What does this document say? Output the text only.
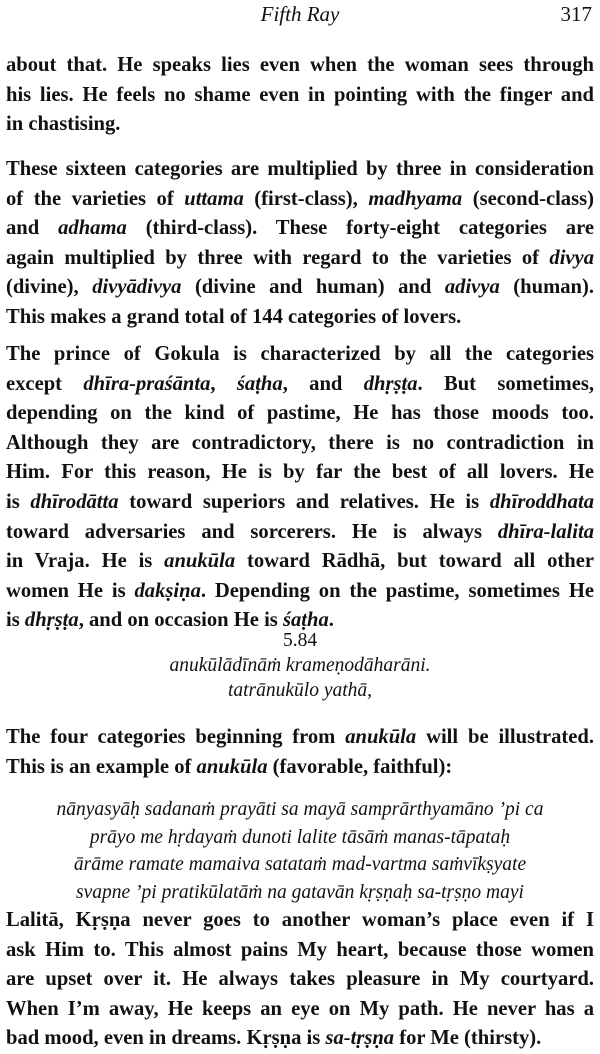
Fifth Ray	317
about that. He speaks lies even when the woman sees through
his lies. He feels no shame even in pointing with the finger and
in chastising.
These sixteen categories are multiplied by three in consideration
of the varieties of uttama (first-class), madhyama (second-class)
and adhama (third-class). These forty-eight categories are
again multiplied by three with regard to the varieties of divya
(divine), divyādivya (divine and human) and adivya (human).
This makes a grand total of 144 categories of lovers.
The prince of Gokula is characterized by all the categories
except dhīra-praśānta, śaṭha, and dhṛṣṭa. But sometimes,
depending on the kind of pastime, He has those moods too.
Although they are contradictory, there is no contradiction in
Him. For this reason, He is by far the best of all lovers. He
is dhīrodātta toward superiors and relatives. He is dhīroddhata
toward adversaries and sorcerers. He is always dhīra-lalita
in Vraja. He is anukūla toward Rādhā, but toward all other
women He is dakṣiṇa. Depending on the pastime, sometimes He
is dhṛṣṭa, and on occasion He is śaṭha.
5.84
anukūlādīnāṁ krameṇodāharāni.
tatrānukūlo yathā,
The four categories beginning from anukūla will be illustrated.
This is an example of anukūla (favorable, faithful):
nānyasyāḥ sadanaṁ prayāti sa mayā samprārthyamāno ’pi ca
prāyo me hṛdayaṁ dunoti lalite tāsāṁ manas-tāpataḥ
ārāme ramate mamaiva satataṁ mad-vartma saṁvīkṣyate
svapne ’pi pratikūlatāṁ na gatavān kṛṣṇaḥ sa-tṛṣṇo mayi
Lalitā, Kṛṣṇa never goes to another woman’s place even if I
ask Him to. This almost pains My heart, because those women
are upset over it. He always takes pleasure in My courtyard.
When I’m away, He keeps an eye on My path. He never has a
bad mood, even in dreams. Kṛṣṇa is sa-tṛṣṇa for Me (thirsty).
